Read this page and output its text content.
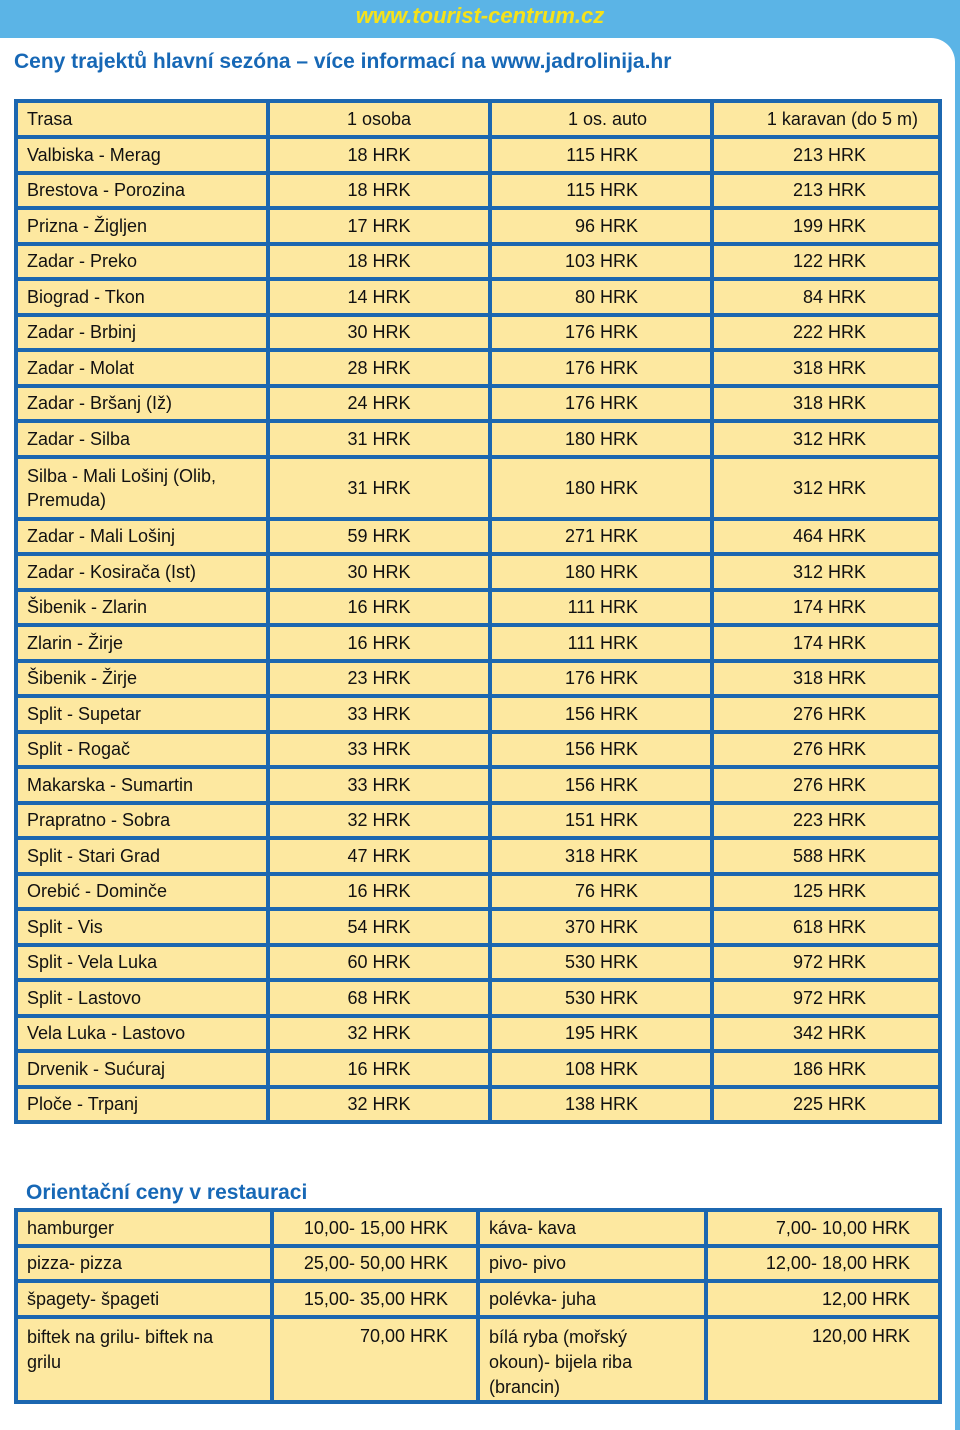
www.tourist-centrum.cz
Ceny trajektů hlavní sezóna – více informací na www.jadrolinija.hr
Orientační ceny v restauraci
Trasa	1 osoba	1 os. auto	1 karavan (do 5 m)
Valbiska - Merag	18 HRK	115 HRK	213 HRK
Brestova - Porozina	18 HRK	115 HRK	213 HRK
Prizna - Žigljen	17 HRK	96 HRK	199 HRK
Zadar - Preko	18 HRK	103 HRK	122 HRK
Biograd - Tkon	14 HRK	80 HRK	84 HRK
Zadar - Brbinj	30 HRK	176 HRK	222 HRK
Zadar - Molat	28 HRK	176 HRK	318 HRK
Zadar - Bršanj (Iž)	24 HRK	176 HRK	318 HRK
Zadar - Silba	31 HRK	180 HRK	312 HRK
Silba - Mali Lošinj (Olib, Premuda)	31 HRK	180 HRK	312 HRK
Zadar - Mali Lošinj	59 HRK	271 HRK	464 HRK
Zadar - Kosirača (Ist)	30 HRK	180 HRK	312 HRK
Šibenik - Zlarin	16 HRK	111 HRK	174 HRK
Zlarin - Žirje	16 HRK	111 HRK	174 HRK
Šibenik - Žirje	23 HRK	176 HRK	318 HRK
Split - Supetar	33 HRK	156 HRK	276 HRK
Split - Rogač	33 HRK	156 HRK	276 HRK
Makarska - Sumartin	33 HRK	156 HRK	276 HRK
Prapratno - Sobra	32 HRK	151 HRK	223 HRK
Split - Stari Grad	47 HRK	318 HRK	588 HRK
Orebić - Dominče	16 HRK	76 HRK	125 HRK
Split - Vis	54 HRK	370 HRK	618 HRK
Split - Vela Luka	60 HRK	530 HRK	972 HRK
Split - Lastovo	68 HRK	530 HRK	972 HRK
Vela Luka - Lastovo	32 HRK	195 HRK	342 HRK
Drvenik - Sućuraj	16 HRK	108 HRK	186 HRK
Ploče - Trpanj	32 HRK	138 HRK	225 HRK
hamburger	10,00- 15,00 HRK	káva- kava	7,00- 10,00 HRK
pizza- pizza	25,00- 50,00 HRK	pivo- pivo	12,00- 18,00 HRK
špagety- špageti	15,00- 35,00 HRK	polévka- juha	12,00 HRK
biftek na grilu- biftek na grilu	70,00 HRK	bílá ryba (mořský okoun)- bijela riba (brancin)	120,00 HRK
